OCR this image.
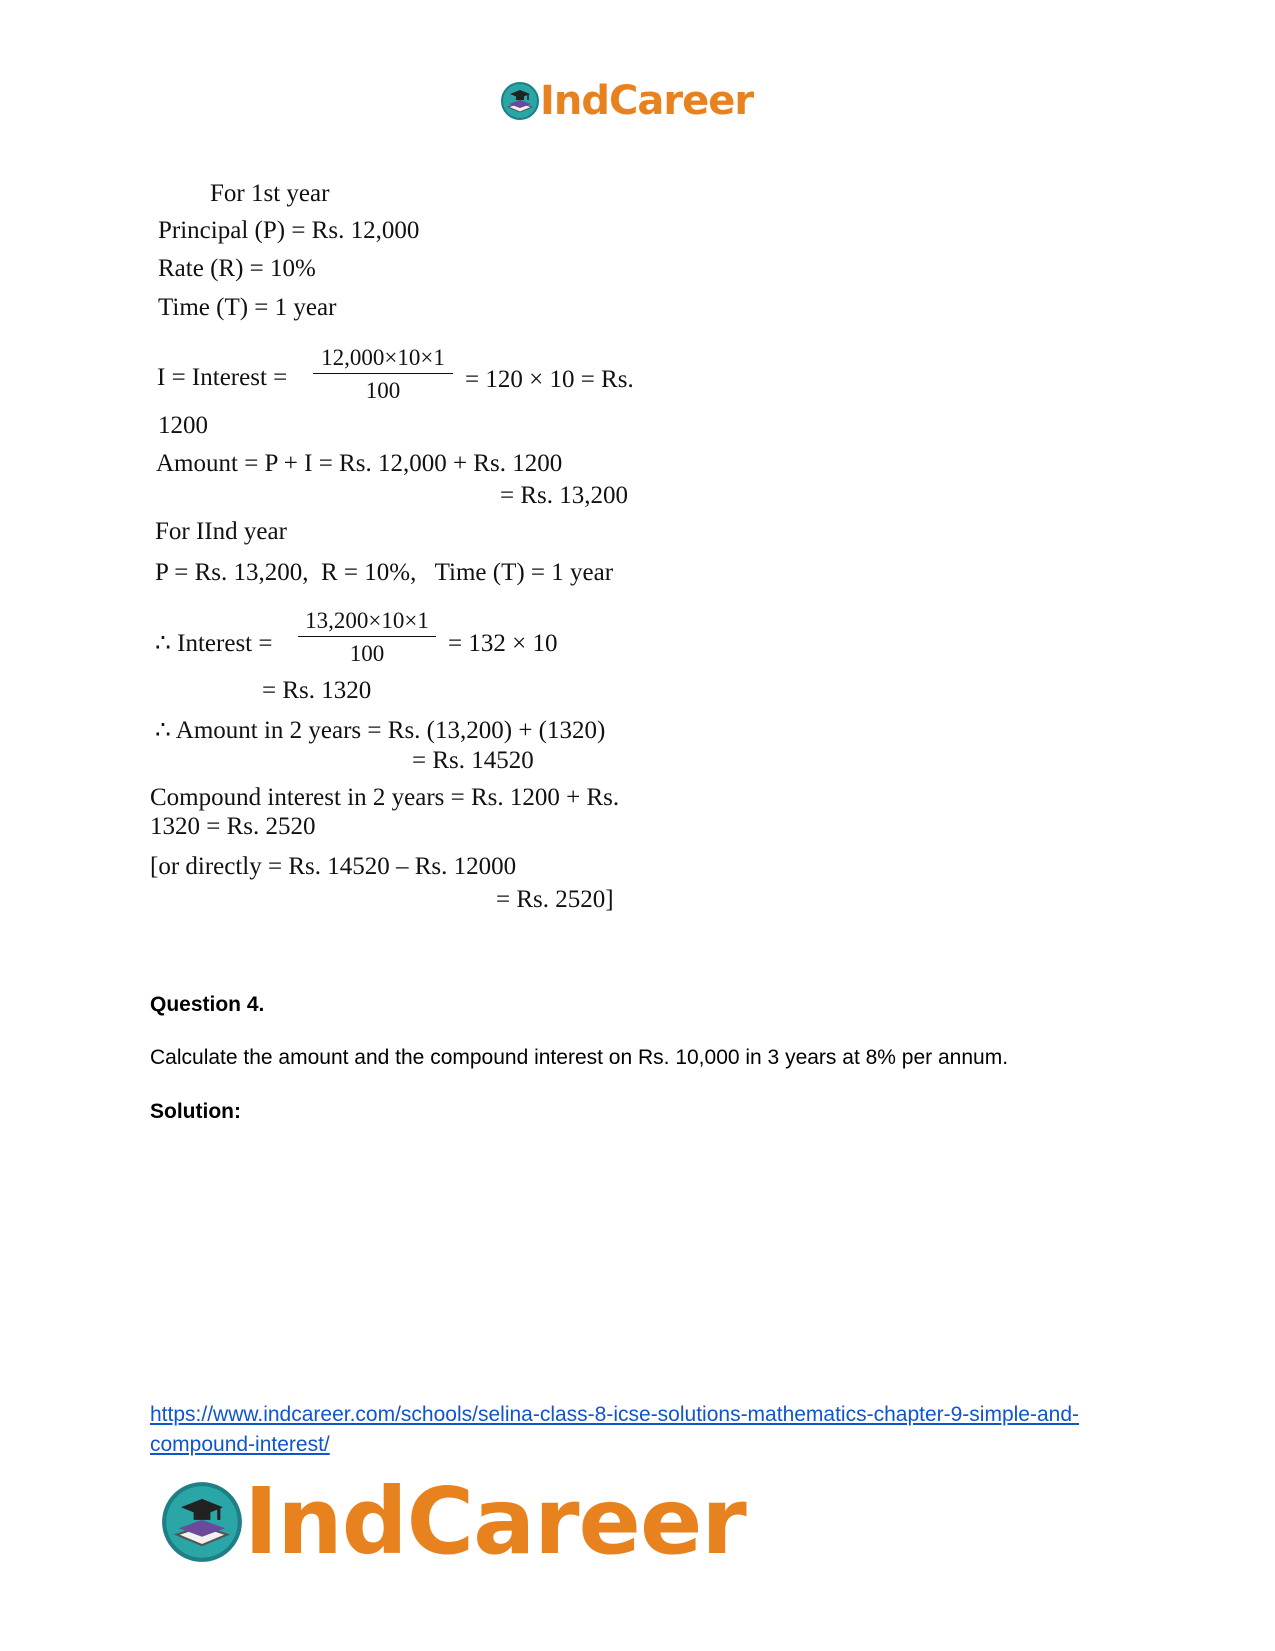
IndCareer
For 1st year
Principal (P) = Rs. 12,000
Rate (R) = 10%
Time (T) = 1 year
I = Interest = $\frac{12,000\times 10\times 1}{100} = 120 \times 10 = Rs$.
1200
Amount = P + I = Rs. 12,000 + Rs. 1200
= Rs. 13,200
For IInd year
P = Rs. 13,200,  R = 10%,   Time (T) = 1 year
∴ Interest = $\frac{13,200\times 10\times 1}{100} = 132 \times 10$
= Rs. 1320
∴ Amount in 2 years = Rs. (13,200) + (1320)
= Rs. 14520
Compound interest in 2 years = Rs. 1200 + Rs.
1320 = Rs. 2520
[or directly = Rs. 14520 – Rs. 12000
= Rs. 2520]
Question 4.
Calculate the amount and the compound interest on Rs. 10,000 in 3 years at 8% per annum.
Solution:
https://www.indcareer.com/schools/selina-class-8-icse-solutions-mathematics-chapter-9-simple-and-compound-interest/
IndCareer
